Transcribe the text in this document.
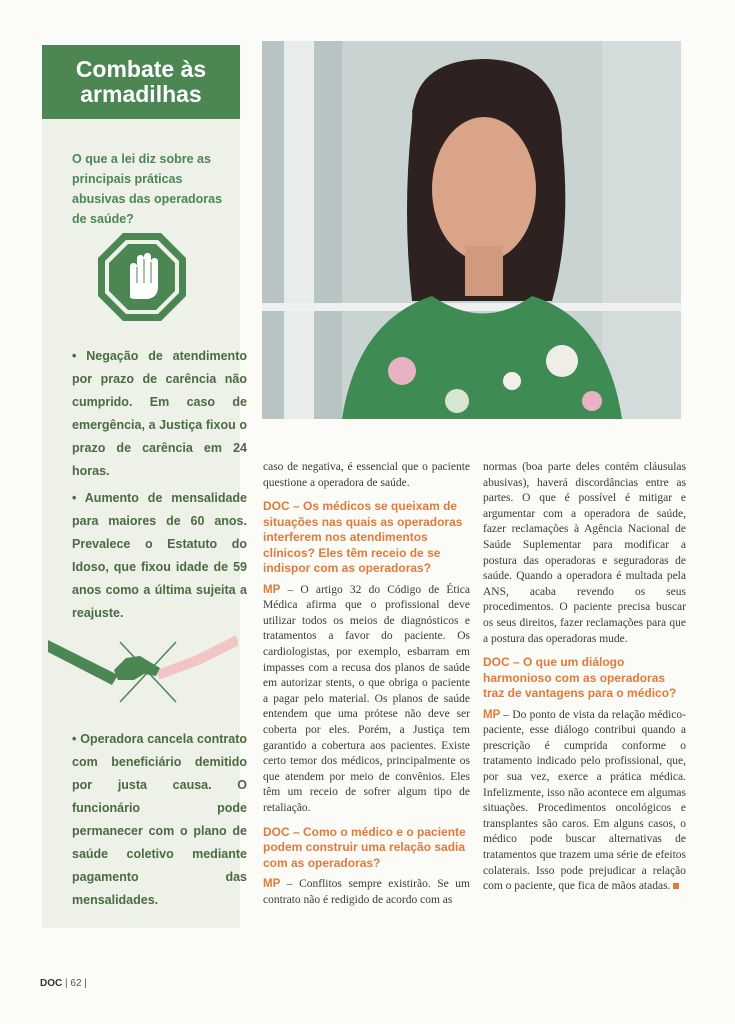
Combate às armadilhas
O que a lei diz sobre as principais práticas abusivas das operadoras de saúde?
• Negação de atendimento por prazo de carência não cumprido. Em caso de emergência, a Justiça fixou o prazo de carência em 24 horas.
• Aumento de mensalidade para maiores de 60 anos. Prevalece o Estatuto do Idoso, que fixou idade de 59 anos como a última sujeita a reajuste.
• Operadora cancela contrato com beneficiário demitido por justa causa. O funcionário pode permanecer com o plano de saúde coletivo mediante pagamento das mensalidades.

caso de negativa, é essencial que o paciente questione a operadora de saúde.

DOC – Os médicos se queixam de situações nas quais as operadoras interferem nos atendimentos clínicos? Eles têm receio de se indispor com as operadoras?

MP – O artigo 32 do Código de Ética Médica afirma que o profissional deve utilizar todos os meios de diagnósticos e tratamentos a favor do paciente. Os cardiologistas, por exemplo, esbarram em impasses com a recusa dos planos de saúde em autorizar stents, o que obriga o paciente a pagar pelo material. Os planos de saúde entendem que uma prótese não deve ser coberta por eles. Porém, a Justiça tem garantido a cobertura aos pacientes. Existe certo temor dos médicos, principalmente os que atendem por meio de convênios. Eles têm um receio de sofrer algum tipo de retaliação.

DOC – Como o médico e o paciente podem construir uma relação sadia com as operadoras?

MP – Conflitos sempre existirão. Se um contrato não é redigido de acordo com as

normas (boa parte deles contém cláusulas abusivas), haverá discordâncias entre as partes. O que é possível é mitigar e argumentar com a operadora de saúde, fazer reclamações à Agência Nacional de Saúde Suplementar para modificar a postura das operadoras e seguradoras de saúde. Quando a operadora é multada pela ANS, acaba revendo os seus procedimentos. O paciente precisa buscar os seus direitos, fazer reclamações para que a postura das operadoras mude.

DOC – O que um diálogo harmonioso com as operadoras traz de vantagens para o médico?

MP – Do ponto de vista da relação médico-paciente, esse diálogo contribui quando a prescrição é cumprida conforme o tratamento indicado pelo profissional, que, por sua vez, exerce a prática médica. Infelizmente, isso não acontece em algumas situações. Procedimentos oncológicos e transplantes são caros. Em alguns casos, o médico pode buscar alternativas de tratamentos que trazem uma série de efeitos colaterais. Isso pode prejudicar a relação com o paciente, que fica de mãos atadas.

DOC | 62 |
